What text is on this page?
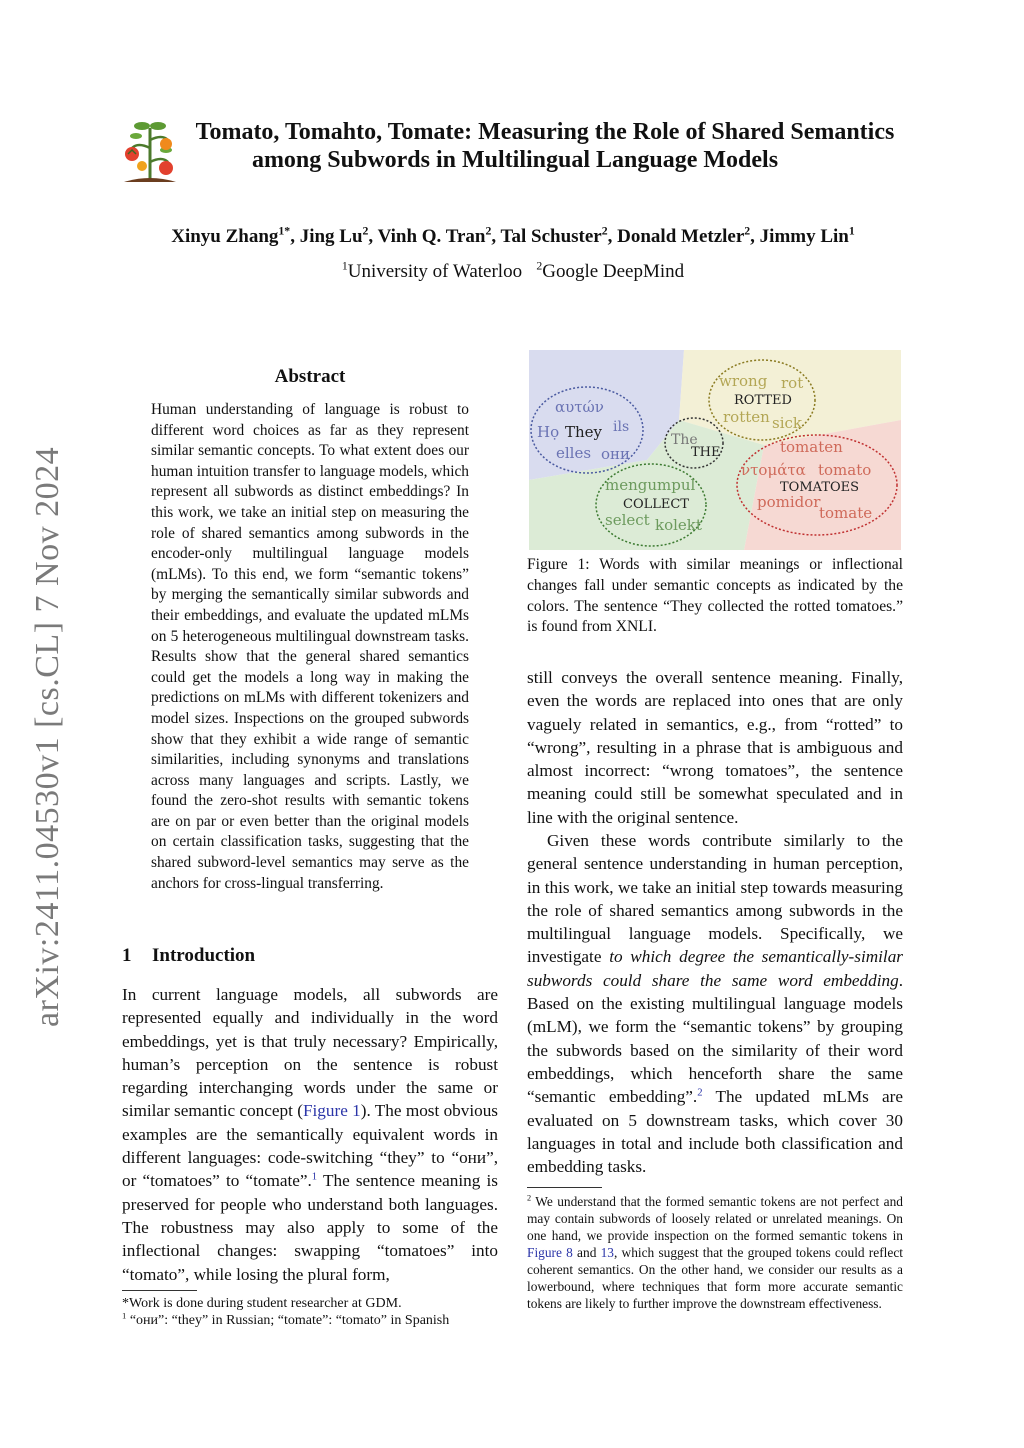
arXiv:2411.04530v1 [cs.CL] 7 Nov 2024
Tomato, Tomahto, Tomate: Measuring the Role of Shared Semantics
among Subwords in Multilingual Language Models
Xinyu Zhang$^{1*}$, Jing Lu$^2$, Vinh Q. Tran$^2$, Tal Schuster$^2$, Donald Metzler$^2$, Jimmy Lin$^1$
$^1$University of Waterloo $^2$Google DeepMind
Abstract
Human understanding of language is robust to different word choices as far as they represent similar semantic concepts. To what extent does our human intuition transfer to language models, which represent all subwords as distinct embeddings? In this work, we take an initial step on measuring the role of shared semantics among subwords in the encoder-only multilingual language models (mLMs). To this end, we form “semantic tokens” by merging the semantically similar subwords and their embeddings, and evaluate the updated mLMs on 5 heterogeneous multilingual downstream tasks. Results show that the general shared semantics could get the models a long way in making the predictions on mLMs with different tokenizers and model sizes. Inspections on the grouped subwords show that they exhibit a wide range of semantic similarities, including synonyms and translations across many languages and scripts. Lastly, we found the zero-shot results with semantic tokens are on par or even better than the original models on certain classification tasks, suggesting that the shared subword-level semantics may serve as the anchors for cross-lingual transferring.
1 Introduction
In current language models, all subwords are represented equally and individually in the word embeddings, yet is that truly necessary? Empirically, human’s perception on the sentence is robust regarding interchanging words under the same or similar semantic concept (Figure 1). The most obvious examples are the semantically equivalent words in different languages: code-switching “they” to “они”, or “tomatoes” to “tomate”.$^1$ The sentence meaning is preserved for people who understand both languages. The robustness may also apply to some of the inflectional changes: swapping “tomatoes” into “tomato”, while losing the plural form,
*Work is done during student researcher at GDM.
$^1$ “они”: “they” in Russian; “tomate”: “tomato” in Spanish
αυτών
Họ They ils
elles они
wrong rot
ROTTED
rotten sick
The
THE
mengumpul
COLLECT
select kolekt
tomaten
ντομάτα tomato
TOMATOES
pomidor
tomate
Figure 1: Words with similar meanings or inflectional changes fall under semantic concepts as indicated by the colors. The sentence “They collected the rotted tomatoes.” is found from XNLI.
still conveys the overall sentence meaning. Finally, even the words are replaced into ones that are only vaguely related in semantics, e.g., from “rotted” to “wrong”, resulting in a phrase that is ambiguous and almost incorrect: “wrong tomatoes”, the sentence meaning could still be somewhat speculated and in line with the original sentence.
Given these words contribute similarly to the general sentence understanding in human perception, in this work, we take an initial step towards measuring the role of shared semantics among subwords in the multilingual language models. Specifically, we investigate to which degree the semantically-similar subwords could share the same word embedding. Based on the existing multilingual language models (mLM), we form the “semantic tokens” by grouping the subwords based on the similarity of their word embeddings, which henceforth share the same “semantic embedding”.$^2$ The updated mLMs are evaluated on 5 downstream tasks, which cover 30 languages in total and include both classification and embedding tasks.
$^2$ We understand that the formed semantic tokens are not perfect and may contain subwords of loosely related or unrelated meanings. On one hand, we provide inspection on the formed semantic tokens in Figure 8 and 13, which suggest that the grouped tokens could reflect coherent semantics. On the other hand, we consider our results as a lowerbound, where techniques that form more accurate semantic tokens are likely to further improve the downstream effectiveness.
